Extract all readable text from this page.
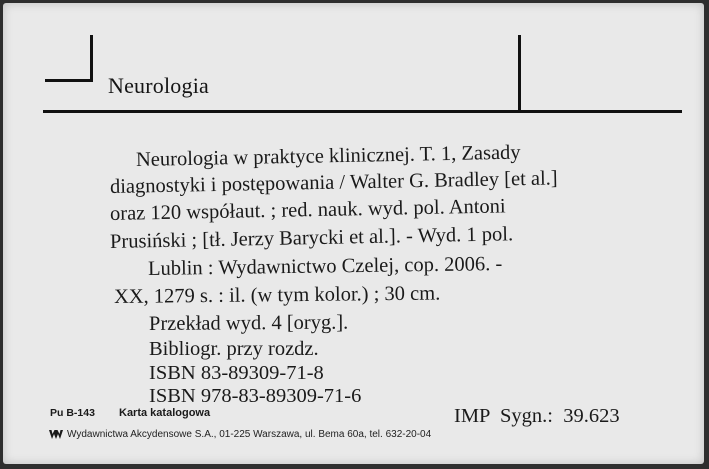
Neurologia
Neurologia w praktyce klinicznej. T. 1, Zasady
diagnostyki i postępowania / Walter G. Bradley [et al.]
oraz 120 współaut. ; red. nauk. wyd. pol. Antoni
Prusiński ; [tł. Jerzy Barycki et al.]. - Wyd. 1 pol.
Lublin : Wydawnictwo Czelej, cop. 2006. -
XX, 1279 s. : il. (w tym kolor.) ; 30 cm.
Przekład wyd. 4 [oryg.].
Bibliogr. przy rozdz.
ISBN 83-89309-71-8
ISBN 978-83-89309-71-6
IMP Sygn.: 39.623
Pu B-143 Karta katalogowa
Wydawnictwa Akcydensowe S.A., 01-225 Warszawa, ul. Bema 60a, tel. 632-20-04
